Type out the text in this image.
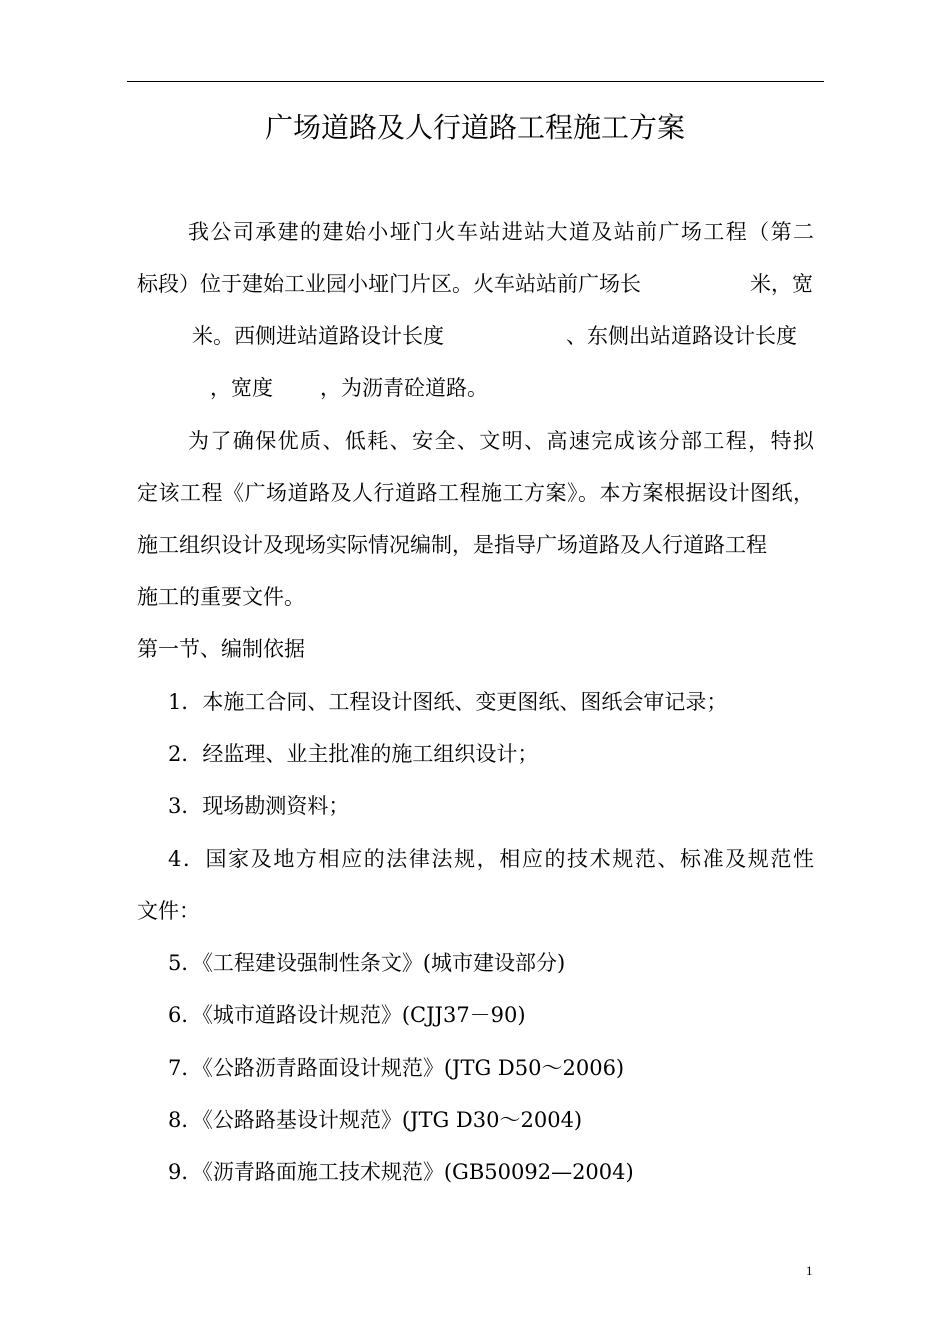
广场道路及人行道路工程施工方案
我公司承建的建始小垭门火车站进站大道及站前广场工程（第二
标段）位于建始工业园小垭门片区。火车站站前广场长	米，宽
米。西侧进站道路设计长度	、东侧出站道路设计长度
，宽度 ，为沥青砼道路。
为了确保优质、低耗、安全、文明、高速完成该分部工程，特拟
定该工程《广场道路及人行道路工程施工方案》。本方案根据设计图纸，
施工组织设计及现场实际情况编制，是指导广场道路及人行道路工程
施工的重要文件。
第一节、编制依据
1．本施工合同、工程设计图纸、变更图纸、图纸会审记录；
2．经监理、业主批准的施工组织设计；
3．现场勘测资料；
4．国家及地方相应的法律法规，相应的技术规范、标准及规范性
文件：
5．《工程建设强制性条文》(城市建设部分)
6．《城市道路设计规范》(CJJ37－90)
7．《公路沥青路面设计规范》(JTG D50～2006)
8．《公路路基设计规范》(JTG D30～2004)
9．《沥青路面施工技术规范》(GB50092—2004)
1
